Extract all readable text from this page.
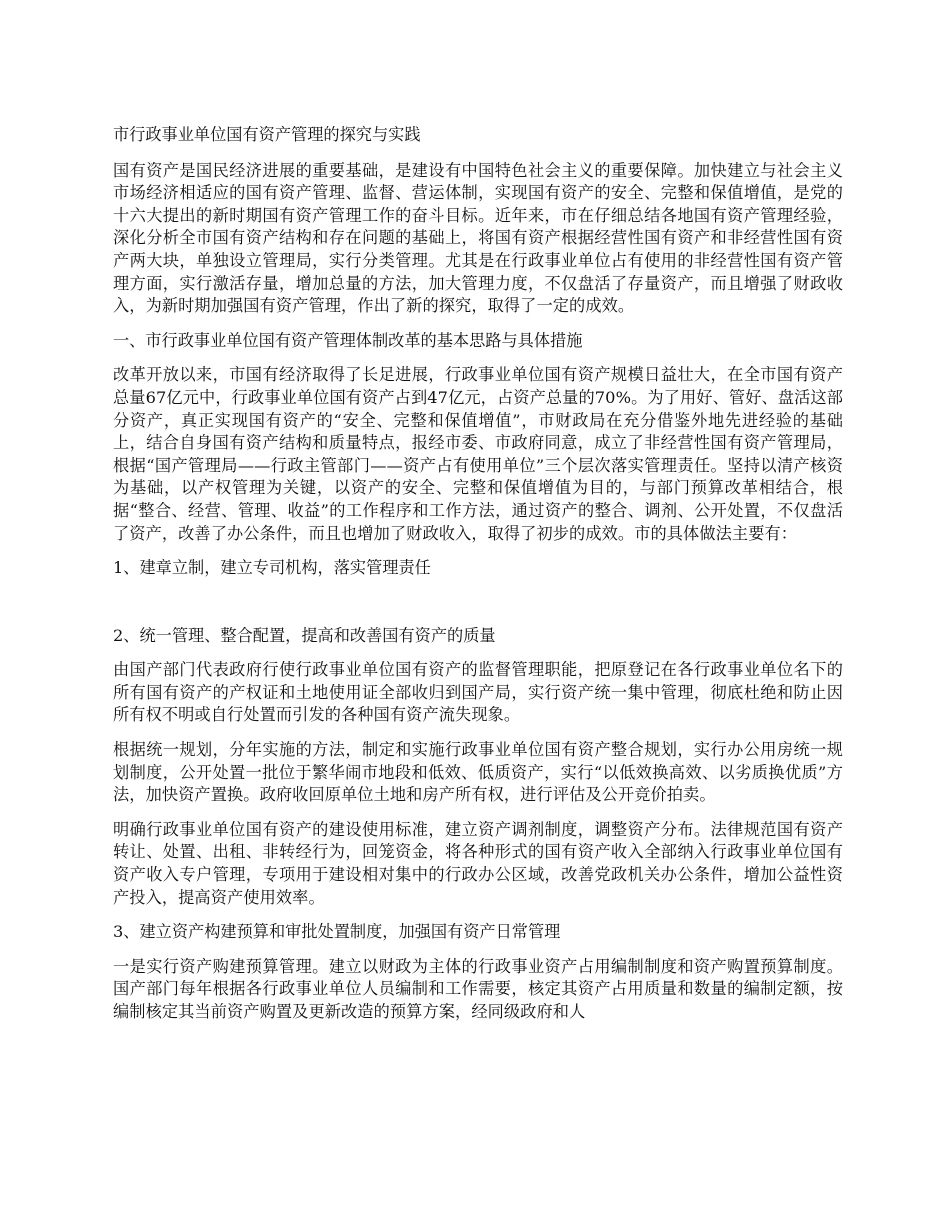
市行政事业单位国有资产管理的探究与实践

国有资产是国民经济进展的重要基础，是建设有中国特色社会主义的重要保障。加快建立与社会主义市场经济相适应的国有资产管理、监督、营运体制，实现国有资产的安全、完整和保值增值，是党的十六大提出的新时期国有资产管理工作的奋斗目标。近年来，市在仔细总结各地国有资产管理经验，深化分析全市国有资产结构和存在问题的基础上，将国有资产根据经营性国有资产和非经营性国有资产两大块，单独设立管理局，实行分类管理。尤其是在行政事业单位占有使用的非经营性国有资产管理方面，实行激活存量，增加总量的方法，加大管理力度，不仅盘活了存量资产，而且增强了财政收入，为新时期加强国有资产管理，作出了新的探究，取得了一定的成效。

一、市行政事业单位国有资产管理体制改革的基本思路与具体措施

改革开放以来，市国有经济取得了长足进展，行政事业单位国有资产规模日益壮大，在全市国有资产总量67亿元中，行政事业单位国有资产占到47亿元，占资产总量的70%。为了用好、管好、盘活这部分资产，真正实现国有资产的“安全、完整和保值增值”，市财政局在充分借鉴外地先进经验的基础上，结合自身国有资产结构和质量特点，报经市委、市政府同意，成立了非经营性国有资产管理局，根据“国产管理局——行政主管部门——资产占有使用单位”三个层次落实管理责任。坚持以清产核资为基础，以产权管理为关键，以资产的安全、完整和保值增值为目的，与部门预算改革相结合，根据“整合、经营、管理、收益”的工作程序和工作方法，通过资产的整合、调剂、公开处置，不仅盘活了资产，改善了办公条件，而且也增加了财政收入，取得了初步的成效。市的具体做法主要有：

1、建章立制，建立专司机构，落实管理责任
2、统一管理、整合配置，提高和改善国有资产的质量

由国产部门代表政府行使行政事业单位国有资产的监督管理职能，把原登记在各行政事业单位名下的所有国有资产的产权证和土地使用证全部收归到国产局，实行资产统一集中管理，彻底杜绝和防止因所有权不明或自行处置而引发的各种国有资产流失现象。

根据统一规划，分年实施的方法，制定和实施行政事业单位国有资产整合规划，实行办公用房统一规划制度，公开处置一批位于繁华闹市地段和低效、低质资产，实行“以低效换高效、以劣质换优质”方法，加快资产置换。政府收回原单位土地和房产所有权，进行评估及公开竞价拍卖。

明确行政事业单位国有资产的建设使用标准，建立资产调剂制度，调整资产分布。法律规范国有资产转让、处置、出租、非转经行为，回笼资金，将各种形式的国有资产收入全部纳入行政事业单位国有资产收入专户管理，专项用于建设相对集中的行政办公区域，改善党政机关办公条件，增加公益性资产投入，提高资产使用效率。

3、建立资产构建预算和审批处置制度，加强国有资产日常管理

一是实行资产购建预算管理。建立以财政为主体的行政事业资产占用编制制度和资产购置预算制度。国产部门每年根据各行政事业单位人员编制和工作需要，核定其资产占用质量和数量的编制定额，按编制核定其当前资产购置及更新改造的预算方案，经同级政府和人
